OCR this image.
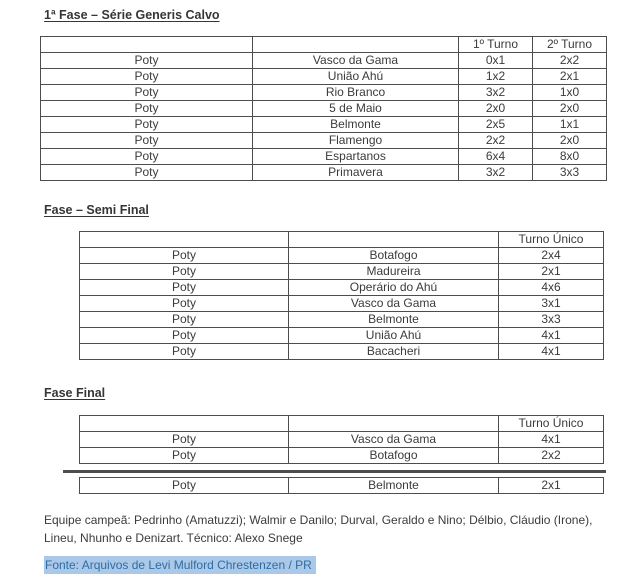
1ª Fase – Série Generis Calvo
		1º Turno	2º Turno
Poty	Vasco da Gama	0x1	2x2
Poty	União Ahú	1x2	2x1
Poty	Rio Branco	3x2	1x0
Poty	5 de Maio	2x0	2x0
Poty	Belmonte	2x5	1x1
Poty	Flamengo	2x2	2x0
Poty	Espartanos	6x4	8x0
Poty	Primavera	3x2	3x3
Fase – Semi Final
		Turno Único
Poty	Botafogo	2x4
Poty	Madureira	2x1
Poty	Operário do Ahú	4x6
Poty	Vasco da Gama	3x1
Poty	Belmonte	3x3
Poty	União Ahú	4x1
Poty	Bacacheri	4x1
Fase Final
		Turno Único
Poty	Vasco da Gama	4x1
Poty	Botafogo	2x2
Poty	Belmonte	2x1
Equipe campeã: Pedrinho (Amatuzzi); Walmir e Danilo; Durval, Geraldo e Nino; Délbio, Cláudio (Irone), Lineu, Nhunho e Denizart. Técnico: Alexo Snege
Fonte: Arquivos de Levi Mulford Chrestenzen / PR
